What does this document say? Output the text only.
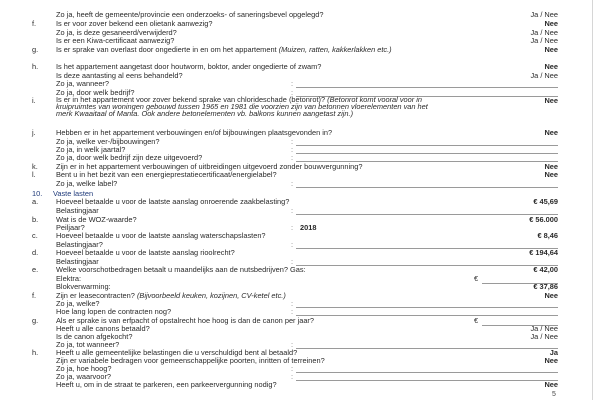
Zo ja, heeft de gemeente/provincie een onderzoeks- of saneringsbevel opgelegd?	Ja / Nee
f.	Is er voor zover bekend een olietank aanwezig?	Nee
Zo ja, is deze gesaneerd/verwijderd?	Ja / Nee
Is er een Kiwa-certificaat aanwezig?	Ja / Nee
g. Is er sprake van overlast door ongedierte in en om het appartement (Muizen, ratten, kakkerlakken etc.)	Nee
h. Is het appartement aangetast door houtworm, boktor, ander ongedierte of zwam?	Nee
Is deze aantasting al eens behandeld?	Ja / Nee
Zo ja, wanneer?	:
Zo ja, door welk bedrijf?	:
i.	Is er in het appartement voor zover bekend sprake van chlorideschade (betonrot)? (Betonrot komt vooral voor in kruipruimtes van woningen gebouwd tussen 1965 en 1981 die voorzien zijn van betonnen vloerelementen van het merk Kwaaitaal of Manta. Ook andere betonelementen vb. balkons kunnen aangetast zijn.)
Nee
j.	Hebben er in het appartement verbouwingen en/of bijbouwingen plaatsgevonden in?	Nee
Zo ja, welke ver-/bijbouwingen?	:
Zo ja, in welk jaartal?	:
Zo ja, door welk bedrijf zijn deze uitgevoerd?	:
k. Zijn er in het appartement verbouwingen of uitbreidingen uitgevoerd zonder bouwvergunning?	Nee
l.	Bent u in het bezit van een energieprestatiecertificaat/energielabel?	Nee
Zo ja, welke label?	:
10. Vaste lasten
a. Hoeveel betaalde u voor de laatste aanslag onroerende zaakbelasting?	€ 45,69
Belastingjaar	:
b. Wat is de WOZ-waarde?	€ 56.000
Peiljaar?	: 2018
c. Hoeveel betaalde u voor de laatste aanslag waterschapslasten?	€ 8,46
Belastingjaar?	:
d. Hoeveel betaalde u voor de laatste aanslag rioolrecht?	€ 194,64
Belastingjaar	:
e. Welke voorschotbedragen betaalt u maandelijks aan de nutsbedrijven? Gas:	€ 42,00
Elektra:	€
Blokverwarming:	€ 37,86
f.	Zijn er leasecontracten? (Bijvoorbeeld keuken, kozijnen, CV-ketel etc.)	Nee
Zo ja, welke?	:
Hoe lang lopen de contracten nog?	:
g. Als er sprake is van erfpacht of opstalrecht hoe hoog is dan de canon per jaar?	€
Heeft u alle canons betaald?	Ja / Nee
Is de canon afgekocht?	Ja / Nee
Zo ja, tot wanneer?	:
h. Heeft u alle gemeentelijke belastingen die u verschuldigd bent al betaald?	Ja
Zijn er variabele bedragen voor gemeenschappelijke poorten, inritten of terreinen?	Nee
Zo ja, hoe hoog?	:
Zo ja, waarvoor?	:
Heeft u, om in de straat te parkeren, een parkeervergunning nodig?	Nee
5
